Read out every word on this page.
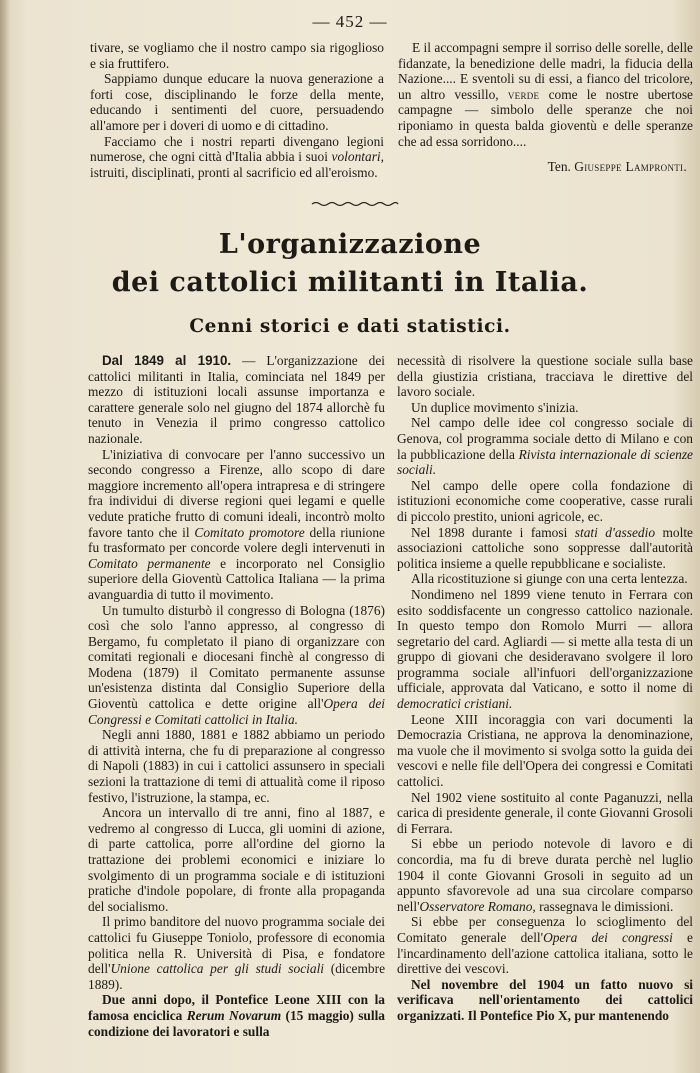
— 452 —

tivare, se vogliamo che il nostro campo sia rigoglioso e sia fruttifero.

Sappiamo dunque educare la nuova generazione a forti cose, disciplinando le forze della mente, educando i sentimenti del cuore, persuadendo all'amore per i doveri di uomo e di cittadino.

Facciamo che i nostri reparti divengano legioni numerose, che ogni città d'Italia abbia i suoi volontari, istruiti, disciplinati, pronti al sacrificio ed all'eroismo.

E il accompagni sempre il sorriso delle sorelle, delle fidanzate, la benedizione delle madri, la fiducia della Nazione.... E sventoli su di essi, a fianco del tricolore, un altro vessillo, verde come le nostre ubertose campagne — simbolo delle speranze che noi riponiamo in questa balda gioventù e delle speranze che ad essa sorridono....

Ten. Giuseppe Lampronti.
L'organizzazione
dei cattolici militanti in Italia.
Cenni storici e dati statistici.

Dal 1849 al 1910. — L'organizzazione dei cattolici militanti in Italia, cominciata nel 1849 per mezzo di istituzioni locali assunse importanza e carattere generale solo nel giugno del 1874 allorchè fu tenuto in Venezia il primo congresso cattolico nazionale.

L'iniziativa di convocare per l'anno successivo un secondo congresso a Firenze, allo scopo di dare maggiore incremento all'opera intrapresa e di stringere fra individui di diverse regioni quei legami e quelle vedute pratiche frutto di comuni ideali, incontrò molto favore tanto che il Comitato promotore della riunione fu trasformato per concorde volere degli intervenuti in Comitato permanente e incorporato nel Consiglio superiore della Gioventù Cattolica Italiana — la prima avanguardia di tutto il movimento.

Un tumulto disturbò il congresso di Bologna (1876) così che solo l'anno appresso, al congresso di Bergamo, fu completato il piano di organizzare con comitati regionali e diocesani finchè al congresso di Modena (1879) il Comitato permanente assunse un'esistenza distinta dal Consiglio Superiore della Gioventù cattolica e dette origine all'Opera dei Congressi e Comitati cattolici in Italia.

Negli anni 1880, 1881 e 1882 abbiamo un periodo di attività interna, che fu di preparazione al congresso di Napoli (1883) in cui i cattolici assunsero in speciali sezioni la trattazione di temi di attualità come il riposo festivo, l'istruzione, la stampa, ec.

Ancora un intervallo di tre anni, fino al 1887, e vedremo al congresso di Lucca, gli uomini di azione, di parte cattolica, porre all'ordine del giorno la trattazione dei problemi economici e iniziare lo svolgimento di un programma sociale e di istituzioni pratiche d'indole popolare, di fronte alla propaganda del socialismo.

Il primo banditore del nuovo programma sociale dei cattolici fu Giuseppe Toniolo, professore di economia politica nella R. Università di Pisa, e fondatore dell'Unione cattolica per gli studi sociali (dicembre 1889).

Due anni dopo, il Pontefice Leone XIII con la famosa enciclica Rerum Novarum (15 maggio) sulla condizione dei lavoratori e sulla

necessità di risolvere la questione sociale sulla base della giustizia cristiana, tracciava le direttive del lavoro sociale.

Un duplice movimento s'inizia.

Nel campo delle idee col congresso sociale di Genova, col programma sociale detto di Milano e con la pubblicazione della Rivista internazionale di scienze sociali.

Nel campo delle opere colla fondazione di istituzioni economiche come cooperative, casse rurali di piccolo prestito, unioni agricole, ec.

Nel 1898 durante i famosi stati d'assedio molte associazioni cattoliche sono soppresse dall'autorità politica insieme a quelle repubblicane e socialiste.

Alla ricostituzione si giunge con una certa lentezza.

Nondimeno nel 1899 viene tenuto in Ferrara con esito soddisfacente un congresso cattolico nazionale. In questo tempo don Romolo Murri — allora segretario del card. Agliardi — si mette alla testa di un gruppo di giovani che desideravano svolgere il loro programma sociale all'infuori dell'organizzazione ufficiale, approvata dal Vaticano, e sotto il nome di democratici cristiani.

Leone XIII incoraggia con vari documenti la Democrazia Cristiana, ne approva la denominazione, ma vuole che il movimento si svolga sotto la guida dei vescovi e nelle file dell'Opera dei congressi e Comitati cattolici.

Nel 1902 viene sostituito al conte Paganuzzi, nella carica di presidente generale, il conte Giovanni Grosoli di Ferrara.

Si ebbe un periodo notevole di lavoro e di concordia, ma fu di breve durata perchè nel luglio 1904 il conte Giovanni Grosoli in seguito ad un appunto sfavorevole ad una sua circolare comparso nell'Osservatore Romano, rassegnava le dimissioni.

Si ebbe per conseguenza lo scioglimento del Comitato generale dell'Opera dei congressi e l'incardinamento dell'azione cattolica italiana, sotto le direttive dei vescovi.

Nel novembre del 1904 un fatto nuovo si verificava nell'orientamento dei cattolici organizzati. Il Pontefice Pio X, pur mantenendo
